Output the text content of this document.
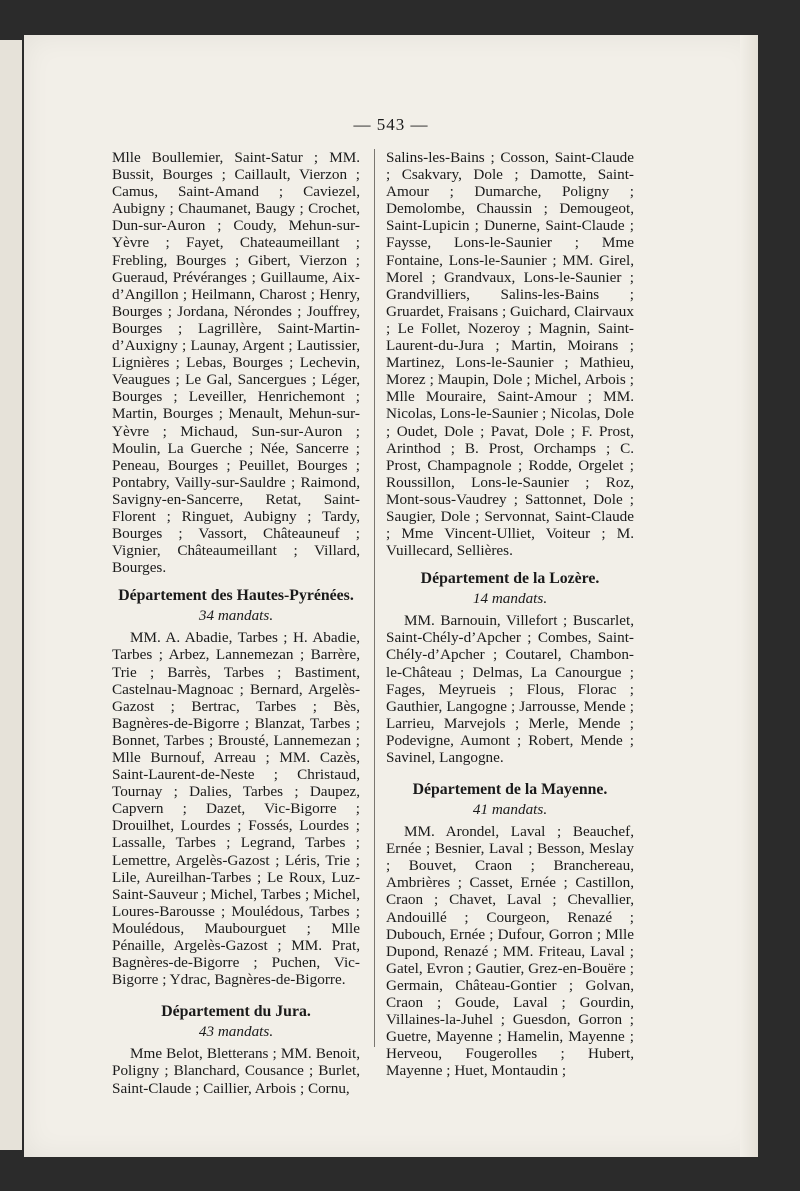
— 543 —

Mlle Boullemier, Saint-Satur ; MM. Bussit, Bourges ; Caillault, Vierzon ; Camus, Saint-Amand ; Caviezel, Aubigny ; Chaumanet, Baugy ; Crochet, Dun-sur-Auron ; Coudy, Mehun-sur-Yèvre ; Fayet, Chateaumeillant ; Frebling, Bourges ; Gibert, Vierzon ; Gueraud, Prévéranges ; Guillaume, Aix-d’Angillon ; Heilmann, Charost ; Henry, Bourges ; Jordana, Nérondes ; Jouffrey, Bourges ; Lagrillère, Saint-Martin-d’Auxigny ; Launay, Argent ; Lautissier, Lignières ; Lebas, Bourges ; Lechevin, Veaugues ; Le Gal, Sancergues ; Léger, Bourges ; Leveiller, Henrichemont ; Martin, Bourges ; Menault, Mehun-sur-Yèvre ; Michaud, Sun-sur-Auron ; Moulin, La Guerche ; Née, Sancerre ; Peneau, Bourges ; Peuillet, Bourges ; Pontabry, Vailly-sur-Sauldre ; Raimond, Savigny-en-Sancerre, Retat, Saint-Florent ; Ringuet, Aubigny ; Tardy, Bourges ; Vassort, Châteauneuf ; Vignier, Châteaumeillant ; Villard, Bourges.

Département des Hautes-Pyrénées.
34 mandats.

MM. A. Abadie, Tarbes ; H. Abadie, Tarbes ; Arbez, Lannemezan ; Barrère, Trie ; Barrès, Tarbes ; Bastiment, Castelnau-Magnoac ; Bernard, Argelès-Gazost ; Bertrac, Tarbes ; Bès, Bagnères-de-Bigorre ; Blanzat, Tarbes ; Bonnet, Tarbes ; Brousté, Lannemezan ; Mlle Burnouf, Arreau ; MM. Cazès, Saint-Laurent-de-Neste ; Christaud, Tournay ; Dalies, Tarbes ; Daupez, Capvern ; Dazet, Vic-Bigorre ; Drouilhet, Lourdes ; Fossés, Lourdes ; Lassalle, Tarbes ; Legrand, Tarbes ; Lemettre, Argelès-Gazost ; Léris, Trie ; Lile, Aureilhan-Tarbes ; Le Roux, Luz-Saint-Sauveur ; Michel, Tarbes ; Michel, Loures-Barousse ; Moulédous, Tarbes ; Moulédous, Maubourguet ; Mlle Pénaille, Argelès-Gazost ; MM. Prat, Bagnères-de-Bigorre ; Puchen, Vic-Bigorre ; Ydrac, Bagnères-de-Bigorre.

Département du Jura.
43 mandats.

Mme Belot, Bletterans ; MM. Benoit, Poligny ; Blanchard, Cousance ; Burlet, Saint-Claude ; Caillier, Arbois ; Cornu,

Salins-les-Bains ; Cosson, Saint-Claude ; Csakvary, Dole ; Damotte, Saint-Amour ; Dumarche, Poligny ; Demolombe, Chaussin ; Demougeot, Saint-Lupicin ; Dunerne, Saint-Claude ; Faysse, Lons-le-Saunier ; Mme Fontaine, Lons-le-Saunier ; MM. Girel, Morel ; Grandvaux, Lons-le-Saunier ; Grandvilliers, Salins-les-Bains ; Gruardet, Fraisans ; Guichard, Clairvaux ; Le Follet, Nozeroy ; Magnin, Saint-Laurent-du-Jura ; Martin, Moirans ; Martinez, Lons-le-Saunier ; Mathieu, Morez ; Maupin, Dole ; Michel, Arbois ; Mlle Mouraire, Saint-Amour ; MM. Nicolas, Lons-le-Saunier ; Nicolas, Dole ; Oudet, Dole ; Pavat, Dole ; F. Prost, Arinthod ; B. Prost, Orchamps ; C. Prost, Champagnole ; Rodde, Orgelet ; Roussillon, Lons-le-Saunier ; Roz, Mont-sous-Vaudrey ; Sattonnet, Dole ; Saugier, Dole ; Servonnat, Saint-Claude ; Mme Vincent-Ulliet, Voiteur ; M. Vuillecard, Sellières.

Département de la Lozère.
14 mandats.

MM. Barnouin, Villefort ; Buscarlet, Saint-Chély-d’Apcher ; Combes, Saint-Chély-d’Apcher ; Coutarel, Chambon-le-Château ; Delmas, La Canourgue ; Fages, Meyrueis ; Flous, Florac ; Gauthier, Langogne ; Jarrousse, Mende ; Larrieu, Marvejols ; Merle, Mende ; Podevigne, Aumont ; Robert, Mende ; Savinel, Langogne.

Département de la Mayenne.
41 mandats.

MM. Arondel, Laval ; Beauchef, Ernée ; Besnier, Laval ; Besson, Meslay ; Bouvet, Craon ; Branchereau, Ambrières ; Casset, Ernée ; Castillon, Craon ; Chavet, Laval ; Chevallier, Andouillé ; Courgeon, Renazé ; Dubouch, Ernée ; Dufour, Gorron ; Mlle Dupond, Renazé ; MM. Friteau, Laval ; Gatel, Evron ; Gautier, Grez-en-Bouëre ; Germain, Château-Gontier ; Golvan, Craon ; Goude, Laval ; Gourdin, Villaines-la-Juhel ; Guesdon, Gorron ; Guetre, Mayenne ; Hamelin, Mayenne ; Herveou, Fougerolles ; Hubert, Mayenne ; Huet, Montaudin ;
